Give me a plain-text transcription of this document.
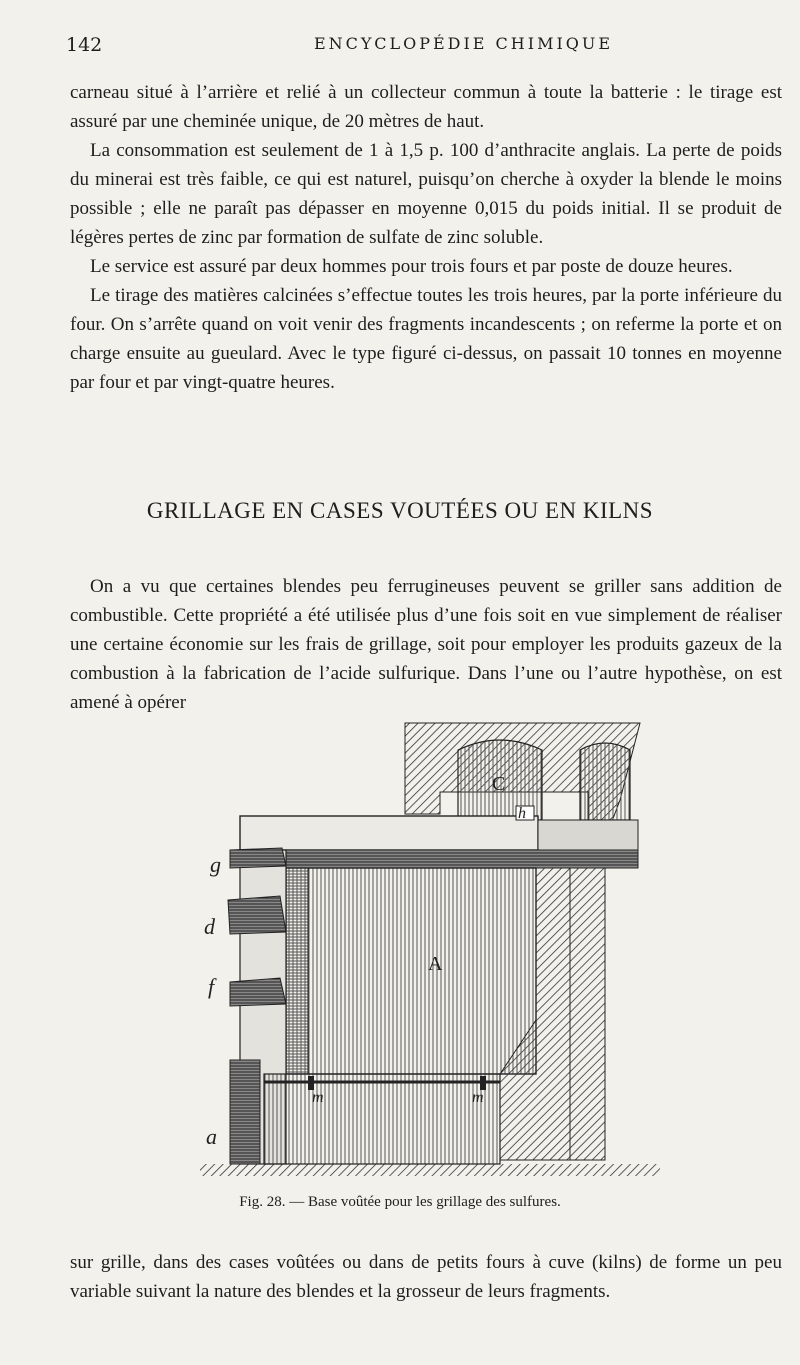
142	ENCYCLOPÉDIE CHIMIQUE

carneau situé à l’arrière et relié à un collecteur commun à toute la batterie : le tirage est assuré par une cheminée unique, de 20 mètres de haut.

La consommation est seulement de 1 à 1,5 p. 100 d’anthracite anglais. La perte de poids du minerai est très faible, ce qui est naturel, puisqu’on cherche à oxyder la blende le moins possible ; elle ne paraît pas dépasser en moyenne 0,015 du poids initial. Il se produit de légères pertes de zinc par formation de sulfate de zinc soluble.

Le service est assuré par deux hommes pour trois fours et par poste de douze heures.

Le tirage des matières calcinées s’effectue toutes les trois heures, par la porte inférieure du four. On s’arrête quand on voit venir des fragments incandescents ; on referme la porte et on charge ensuite au gueulard. Avec le type figuré ci-dessus, on passait 10 tonnes en moyenne par four et par vingt-quatre heures.

GRILLAGE EN CASES VOUTÉES OU EN KILNS

On a vu que certaines blendes peu ferrugineuses peuvent se griller sans addition de combustible. Cette propriété a été utilisée plus d’une fois soit en vue simplement de réaliser une certaine économie sur les frais de grillage, soit pour employer les produits gazeux de la combustion à la fabrication de l’acide sulfurique. Dans l’une ou l’autre hypothèse, on est amené à opérer

C
A
h
g
d
f
a
m	m
Fig. 28. — Base voûtée pour les grillage des sulfures.

sur grille, dans des cases voûtées ou dans de petits fours à cuve (kilns) de forme un peu variable suivant la nature des blendes et la grosseur de leurs fragments.
